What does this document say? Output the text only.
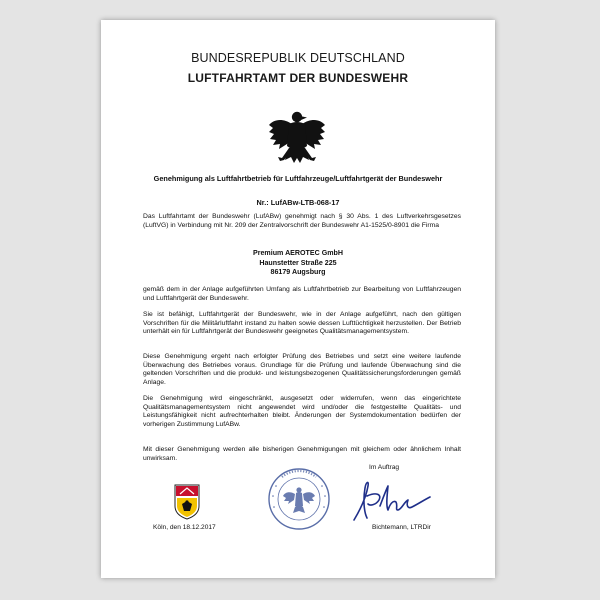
BUNDESREPUBLIK DEUTSCHLAND
LUFTFAHRTAMT DER BUNDESWEHR
Genehmigung als Luftfahrtbetrieb für Luftfahrzeuge/Luftfahrtgerät der Bundeswehr
Nr.: LufABw-LTB-068-17
Das Luftfahrtamt der Bundeswehr (LufABw) genehmigt nach § 30 Abs. 1 des Luftverkehrsgesetzes (LuftVG) in Verbindung mit Nr. 209 der Zentralvorschrift der Bundeswehr A1-1525/0-8901 die Firma
Premium AEROTEC GmbH
Haunstetter Straße 225
86179 Augsburg
gemäß dem in der Anlage aufgeführten Umfang als Luftfahrtbetrieb zur Bearbeitung von Luftfahrzeugen und Luftfahrtgerät der Bundeswehr.
Sie ist befähigt, Luftfahrtgerät der Bundeswehr, wie in der Anlage aufgeführt, nach den gültigen Vorschriften für die Militärluftfahrt instand zu halten sowie dessen Lufttüchtigkeit herzustellen. Der Betrieb unterhält ein für Luftfahrtgerät der Bundeswehr geeignetes Qualitätsmanagementsystem.
Diese Genehmigung ergeht nach erfolgter Prüfung des Betriebes und setzt eine weitere laufende Überwachung des Betriebes voraus. Grundlage für die Prüfung und laufende Überwachung sind die geltenden Vorschriften und die produkt- und leistungsbezogenen Qualitätssicherungsforderungen gemäß Anlage.
Die Genehmigung wird eingeschränkt, ausgesetzt oder widerrufen, wenn das eingerichtete Qualitätsmanagementsystem nicht angewendet wird und/oder die festgestellte Qualitäts- und Leistungsfähigkeit nicht aufrechterhalten bleibt. Änderungen der Systemdokumentation bedürfen der vorherigen Zustimmung LufABw.
Mit dieser Genehmigung werden alle bisherigen Genehmigungen mit gleichem oder ähnlichem Inhalt unwirksam.
Köln, den 18.12.2017
Im Auftrag
Bichtemann, LTRDir
